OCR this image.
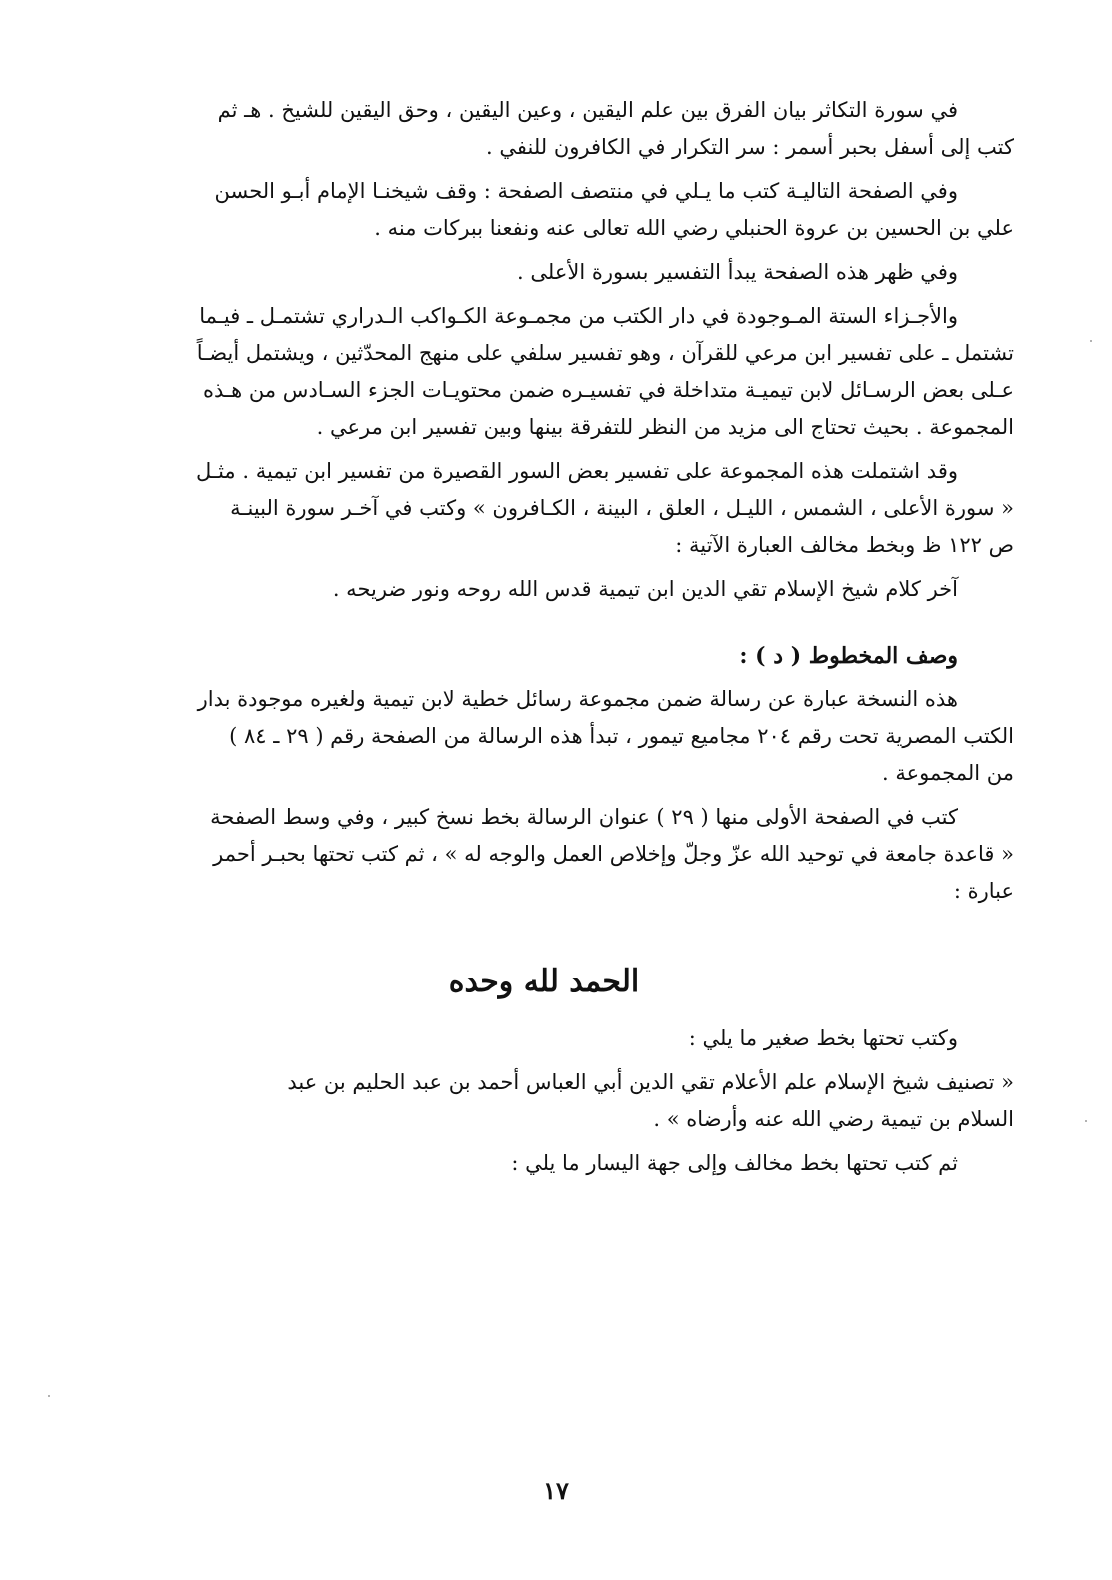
في سورة التكاثر بيان الفرق بين علم اليقين ، وعين اليقين ، وحق اليقين للشيخ . هـ ثم
كتب إلى أسفل بحبر أسمر : سر التكرار في الكافرون للنفي .

وفي الصفحة التاليـة كتب ما يـلي في منتصف الصفحة : وقف شيخنـا الإمام أبـو الحسن
علي بن الحسين بن عروة الحنبلي رضي الله تعالى عنه ونفعنا ببركات منه .

وفي ظهر هذه الصفحة يبدأ التفسير بسورة الأعلى .

والأجـزاء الستة المـوجودة في دار الكتب من مجمـوعة الكـواكب الـدراري تشتمـل ـ فيـما
تشتمل ـ على تفسير ابن مرعي للقرآن ، وهو تفسير سلفي على منهج المحدّثين ، ويشتمل أيضـاً
عـلى بعض الرسـائل لابن تيميـة متداخلة في تفسيـره ضمن محتويـات الجزء السـادس من هـذه
المجموعة . بحيث تحتاج الى مزيد من النظر للتفرقة بينها وبين تفسير ابن مرعي .

وقد اشتملت هذه المجموعة على تفسير بعض السور القصيرة من تفسير ابن تيمية . مثـل
« سورة الأعلى ، الشمس ، الليـل ، العلق ، البينة ، الكـافرون » وكتب في آخـر سورة البينـة
ص ١٢٢ ظ وبخط مخالف العبارة الآتية :

آخر كلام شيخ الإسلام تقي الدين ابن تيمية قدس الله روحه ونور ضريحه .

وصف المخطوط ( د ) :

هذه النسخة عبارة عن رسالة ضمن مجموعة رسائل خطية لابن تيمية ولغيره موجودة بدار
الكتب المصرية تحت رقم ٢٠٤ مجاميع تيمور ، تبدأ هذه الرسالة من الصفحة رقم ( ٢٩ ـ ٨٤ )
من المجموعة .

كتب في الصفحة الأولى منها ( ٢٩ ) عنوان الرسالة بخط نسخ كبير ، وفي وسط الصفحة
« قاعدة جامعة في توحيد الله عزّ وجلّ وإخلاص العمل والوجه له » ، ثم كتب تحتها بحبـر أحمر
عبارة :

الحمد لله وحده

وكتب تحتها بخط صغير ما يلي :

« تصنيف شيخ الإسلام علم الأعلام تقي الدين أبي العباس أحمد بن عبد الحليم بن عبد
السلام بن تيمية رضي الله عنه وأرضاه » .

ثم كتب تحتها بخط مخالف وإلى جهة اليسار ما يلي :

١٧
